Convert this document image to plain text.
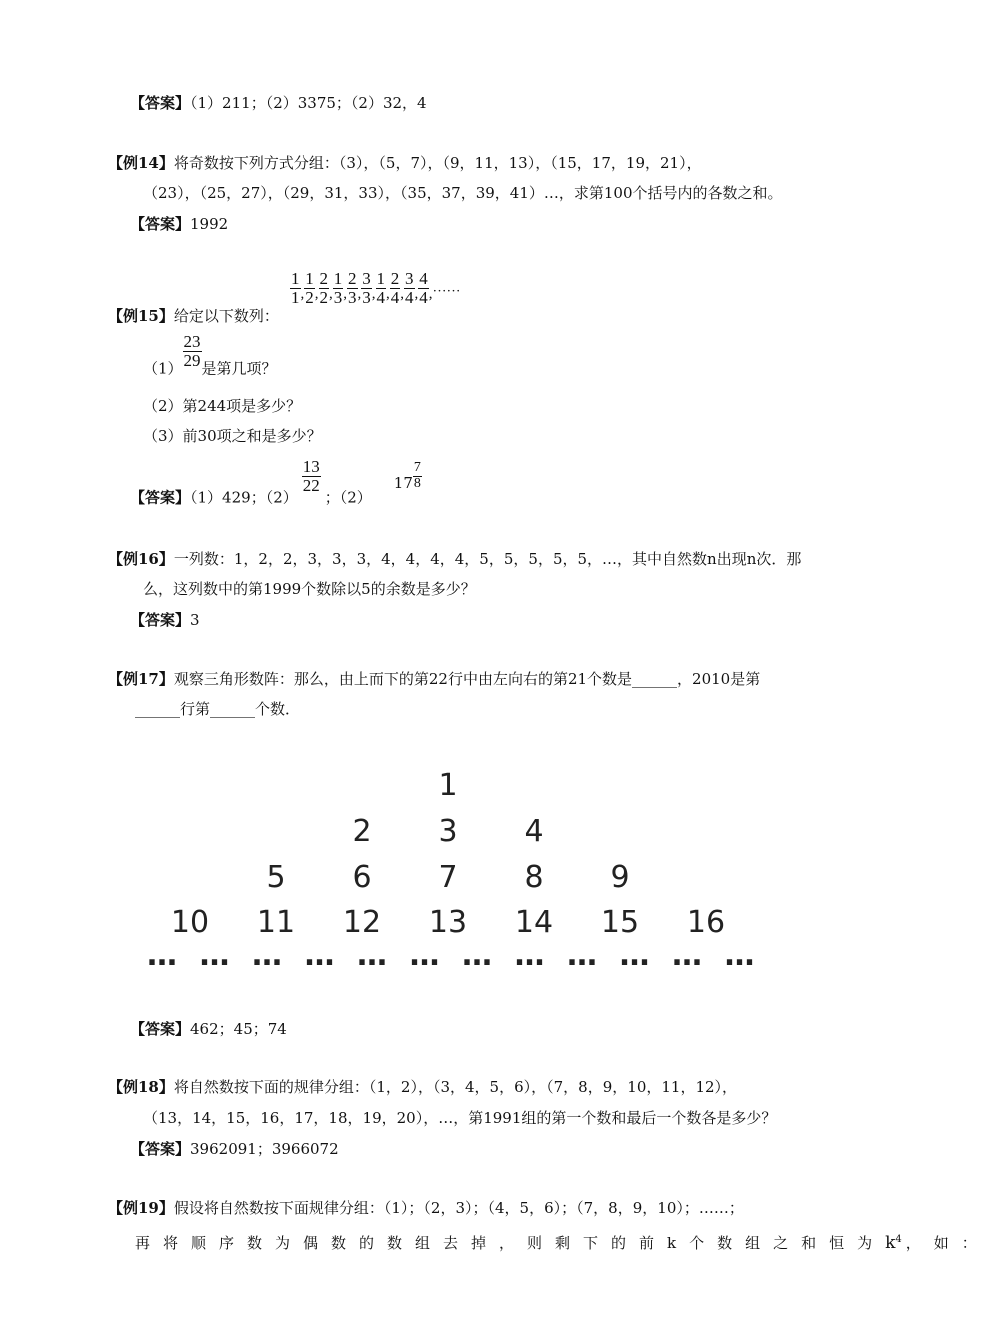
【答案】（1）211；（2）3375；（2）32，4
【例14】将奇数按下列方式分组：（3），（5，7），（9，11，13），（15，17，19，21），
（23），（25，27），（29，31，33），（35，37，39，41）…，求第100个括号内的各数之和。
【答案】1992
【例15】给定以下数列：
$\frac{1}{1}$ , $\frac{1}{2}$ , $\frac{2}{2}$ , $\frac{1}{3}$ , $\frac{2}{3}$ , $\frac{3}{3}$ , $\frac{1}{4}$ , $\frac{2}{4}$ , $\frac{3}{4}$ , $\frac{4}{4}$ ,……
$(1) \frac{23}{29}$ 是第几项？
（2）第244项是多少？
（3）前30项之和是多少？
【答案】（1）429；（2）
$\frac{13}{22}$
；$(2)17 \frac{7}{8}$
【例16】一列数：1，2，2，3，3，3，4，4，4，4，5，5，5，5，5，…，其中自然数n出现n次．那
么，这列数中的第1999个数除以5的余数是多少？
【答案】3
【例17】观察三角形数阵：那么，由上而下的第22行中由左向右的第21个数是______，2010是第
______行第______个数．
1
2 3 4
5 6 7 8 9
10 11 12 13 14 15 16
… … … … … … … … … … … …
【答案】462；45；74
【例18】将自然数按下面的规律分组：（1，2），（3，4，5，6），（7，8，9，10，11，12），
（13，14，15，16，17，18，19，20），…，第1991组的第一个数和最后一个数各是多少？
【答案】3962091；3966072
【例19】假设将自然数按下面规律分组：（1）；（2，3）；（4，5，6）；（7，8，9，10）；……；
再将顺序数为偶数的数组去掉，则剩下的前k个数组之和恒为$k^4$ ，如：
